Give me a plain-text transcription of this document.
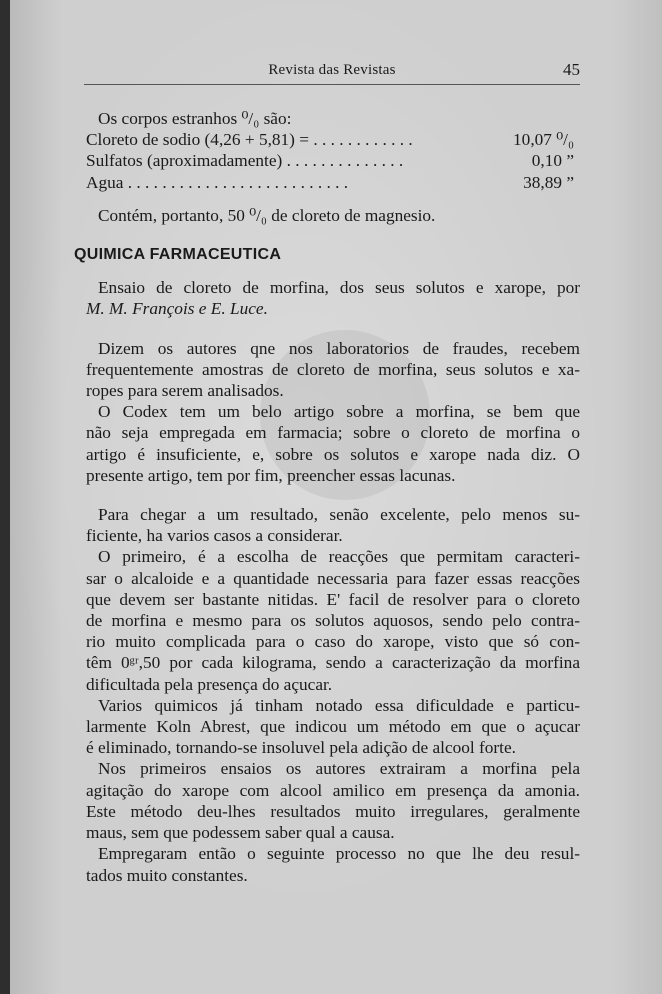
Revista das Revistas	45
Os corpos estranhos ⁰/₀ são:
Cloreto de sodio (4,26 + 5,81) = . . . . . . . . . . . .	10,07 ⁰/₀
Sulfatos (aproximadamente) . . . . . . . . . . . . . .	0,10 ”
Agua . . . . . . . . . . . . . . . . . . . . . . . . . .	38,89 ”
Contém, portanto, 50 ⁰/₀ de cloreto de magnesio.
QUIMICA FARMACEUTICA
Ensaio de cloreto de morfina, dos seus solutos e xarope, por
M. M. François e E. Luce.
Dizem os autores qne nos laboratorios de fraudes, recebem
frequentemente amostras de cloreto de morfina, seus solutos e xa-
ropes para serem analisados.
O Codex tem um belo artigo sobre a morfina, se bem que
não seja empregada em farmacia; sobre o cloreto de morfina o
artigo é insuficiente, e, sobre os solutos e xarope nada diz. O
presente artigo, tem por fim, preencher essas lacunas.
Para chegar a um resultado, senão excelente, pelo menos su-
ficiente, ha varios casos a considerar.
O primeiro, é a escolha de reacções que permitam caracteri-
sar o alcaloide e a quantidade necessaria para fazer essas reacções
que devem ser bastante nitidas. E' facil de resolver para o cloreto
de morfina e mesmo para os solutos aquosos, sendo pelo contra-
rio muito complicada para o caso do xarope, visto que só con-
têm 0ᵍʳ,50 por cada kilograma, sendo a caracterização da morfina
dificultada pela presença do açucar.
Varios quimicos já tinham notado essa dificuldade e particu-
larmente Koln Abrest, que indicou um método em que o açucar
é eliminado, tornando-se insoluvel pela adição de alcool forte.
Nos primeiros ensaios os autores extrairam a morfina pela
agitação do xarope com alcool amilico em presença da amonia.
Este método deu-lhes resultados muito irregulares, geralmente
maus, sem que podessem saber qual a causa.
Empregaram então o seguinte processo no que lhe deu resul-
tados muito constantes.
